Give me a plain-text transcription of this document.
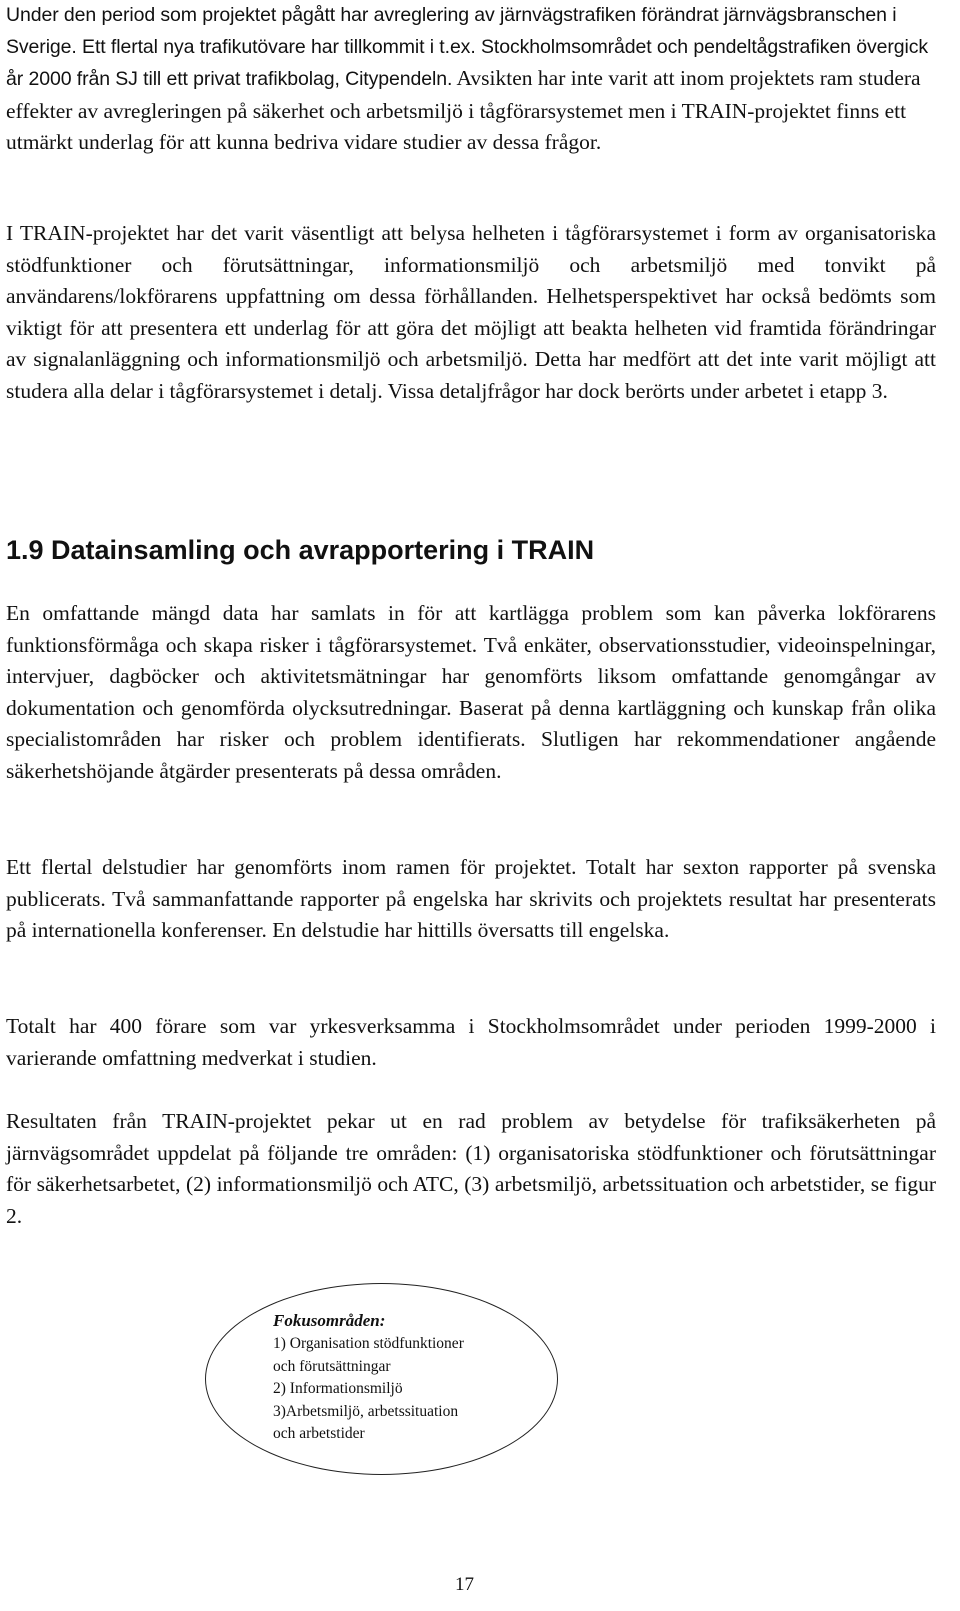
Under den period som projektet pågått har avreglering av järnvägstrafiken förändrat järnvägsbranschen i Sverige. Ett flertal nya trafikutövare har tillkommit i t.ex. Stockholmsområdet och pendeltågstrafiken övergick år 2000 från SJ till ett privat trafikbolag, Citypendeln. Avsikten har inte varit att inom projektets ram studera effekter av avregleringen på säkerhet och arbetsmiljö i tågförarsystemet men i TRAIN-projektet finns ett utmärkt underlag för att kunna bedriva vidare studier av dessa frågor.

I TRAIN-projektet har det varit väsentligt att belysa helheten i tågförarsystemet i form av organisatoriska stödfunktioner och förutsättningar, informationsmiljö och arbetsmiljö med tonvikt på användarens/lokförarens uppfattning om dessa förhållanden. Helhetsperspektivet har också bedömts som viktigt för att presentera ett underlag för att göra det möjligt att beakta helheten vid framtida förändringar av signalanläggning och informationsmiljö och arbetsmiljö. Detta har medfört att det inte varit möjligt att studera alla delar i tågförarsystemet i detalj. Vissa detaljfrågor har dock berörts under arbetet i etapp 3.

1.9 Datainsamling och avrapportering i TRAIN

En omfattande mängd data har samlats in för att kartlägga problem som kan påverka lokförarens funktionsförmåga och skapa risker i tågförarsystemet. Två enkäter, observationsstudier, videoinspelningar, intervjuer, dagböcker och aktivitetsmätningar har genomförts liksom omfattande genomgångar av dokumentation och genomförda olycksutredningar. Baserat på denna kartläggning och kunskap från olika specialistområden har risker och problem identifierats. Slutligen har rekommendationer angående säkerhetshöjande åtgärder presenterats på dessa områden.

Ett flertal delstudier har genomförts inom ramen för projektet. Totalt har sexton rapporter på svenska publicerats. Två sammanfattande rapporter på engelska har skrivits och projektets resultat har presenterats på internationella konferenser. En delstudie har hittills översatts till engelska.

Totalt har 400 förare som var yrkesverksamma i Stockholmsområdet under perioden 1999-2000 i varierande omfattning medverkat i studien.

Resultaten från TRAIN-projektet pekar ut en rad problem av betydelse för trafiksäkerheten på järnvägsområdet uppdelat på följande tre områden: (1) organisatoriska stödfunktioner och förutsättningar för säkerhetsarbetet, (2) informationsmiljö och ATC, (3) arbetsmiljö, arbetssituation och arbetstider, se figur 2.

Fokusområden:
1) Organisation stödfunktioner
och förutsättningar
2) Informationsmiljö
3)Arbetsmiljö, arbetssituation
och arbetstider
17
